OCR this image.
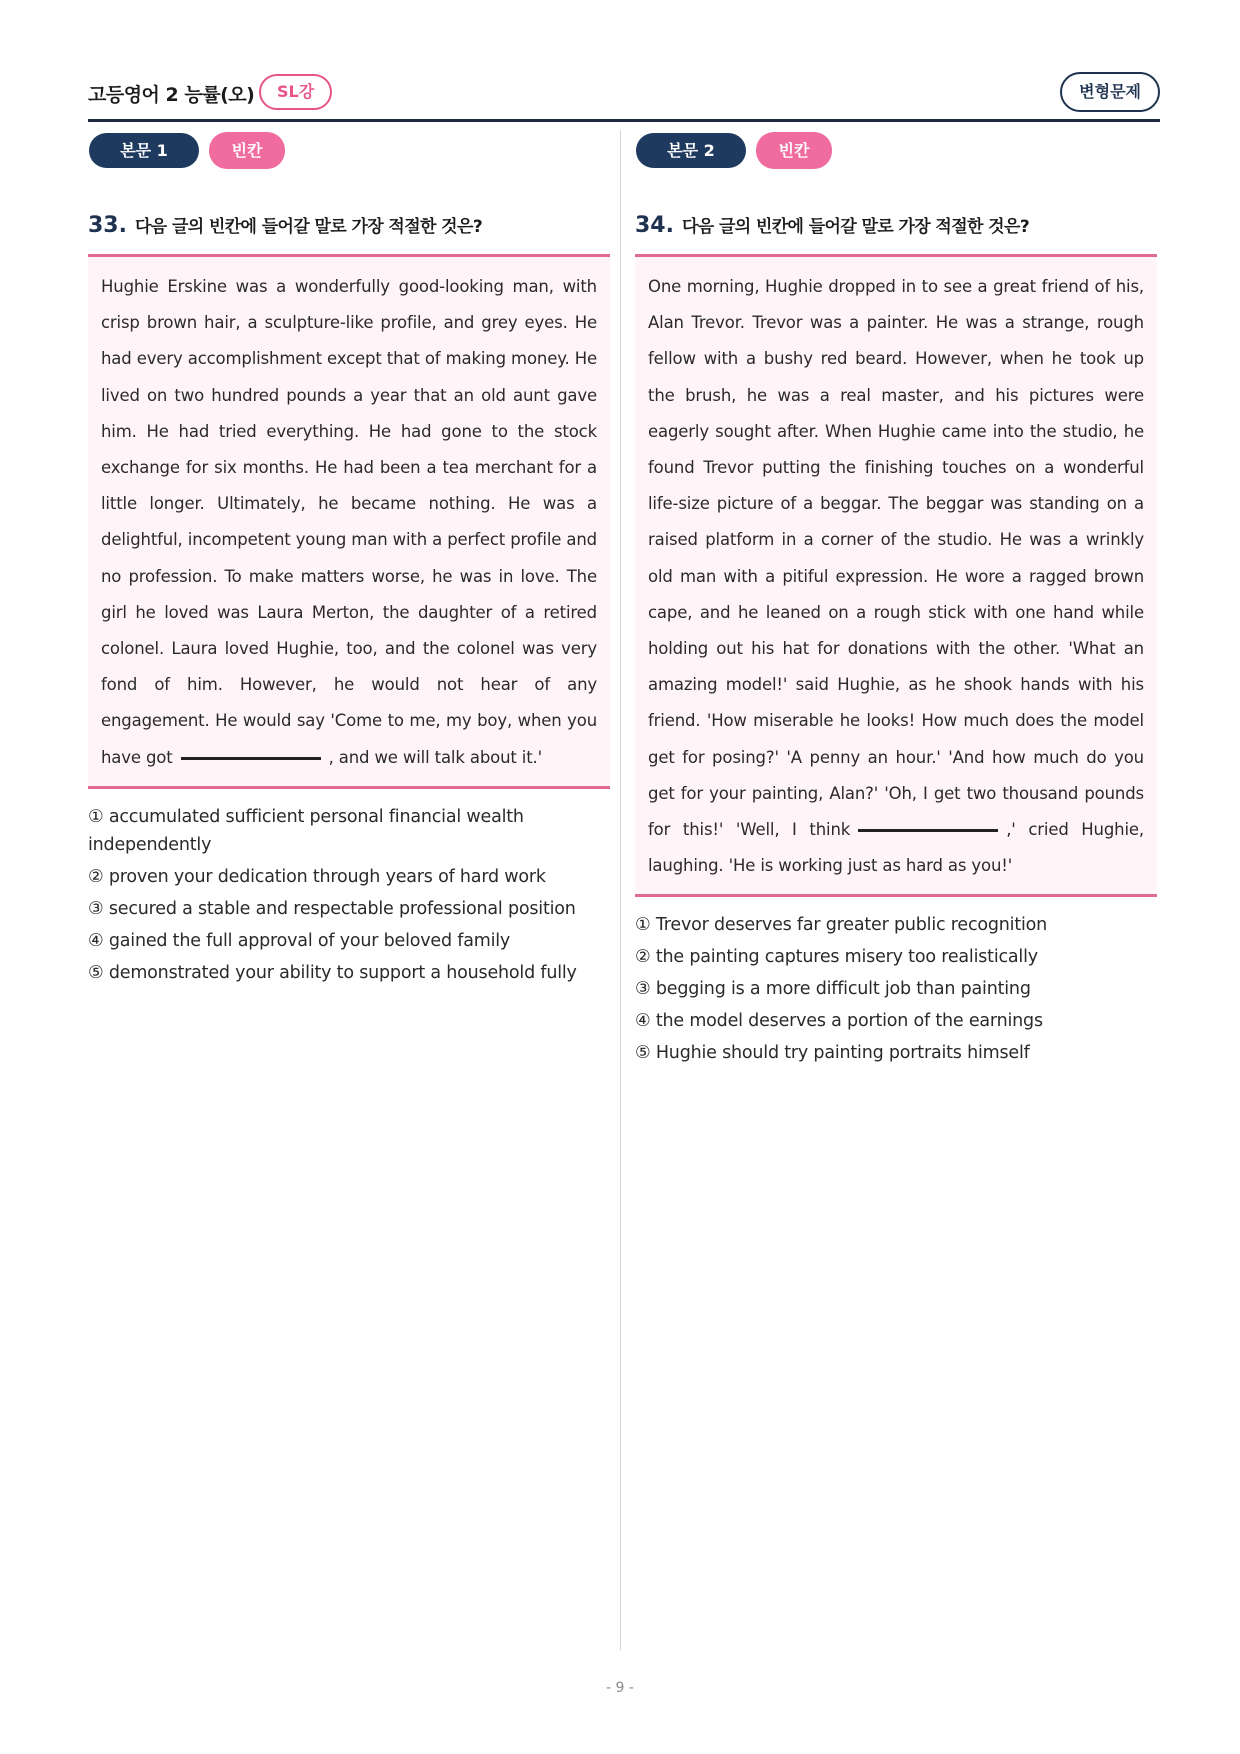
고등영어 2 능률(오)	SL강	변형문제
본문 1	빈칸
33. 다음 글의 빈칸에 들어갈 말로 가장 적절한 것은?
Hughie Erskine was a wonderfully good-looking man, with crisp brown hair, a sculpture-like profile, and grey eyes. He had every accomplishment except that of making money. He lived on two hundred pounds a year that an old aunt gave him. He had tried everything. He had gone to the stock exchange for six months. He had been a tea merchant for a little longer. Ultimately, he became nothing. He was a delightful, incompetent young man with a perfect profile and no profession. To make matters worse, he was in love. The girl he loved was Laura Merton, the daughter of a retired colonel. Laura loved Hughie, too, and the colonel was very fond of him. However, he would not hear of any engagement. He would say 'Come to me, my boy, when you have got	, and we will talk about it.'
① accumulated sufficient personal financial wealth independently
② proven your dedication through years of hard work
③ secured a stable and respectable professional position
④ gained the full approval of your beloved family
⑤ demonstrated your ability to support a household fully
본문 2	빈칸
34. 다음 글의 빈칸에 들어갈 말로 가장 적절한 것은?
One morning, Hughie dropped in to see a great friend of his, Alan Trevor. Trevor was a painter. He was a strange, rough fellow with a bushy red beard. However, when he took up the brush, he was a real master, and his pictures were eagerly sought after. When Hughie came into the studio, he found Trevor putting the finishing touches on a wonderful life-size picture of a beggar. The beggar was standing on a raised platform in a corner of the studio. He was a wrinkly old man with a pitiful expression. He wore a ragged brown cape, and he leaned on a rough stick with one hand while holding out his hat for donations with the other. 'What an amazing model!' said Hughie, as he shook hands with his friend. 'How miserable he looks! How much does the model get for posing?' 'A penny an hour.' 'And how much do you get for your painting, Alan?' 'Oh, I get two thousand pounds for this!' 'Well, I think	,' cried Hughie, laughing. 'He is working just as hard as you!'
① Trevor deserves far greater public recognition
② the painting captures misery too realistically
③ begging is a more difficult job than painting
④ the model deserves a portion of the earnings
⑤ Hughie should try painting portraits himself
- 9 -
